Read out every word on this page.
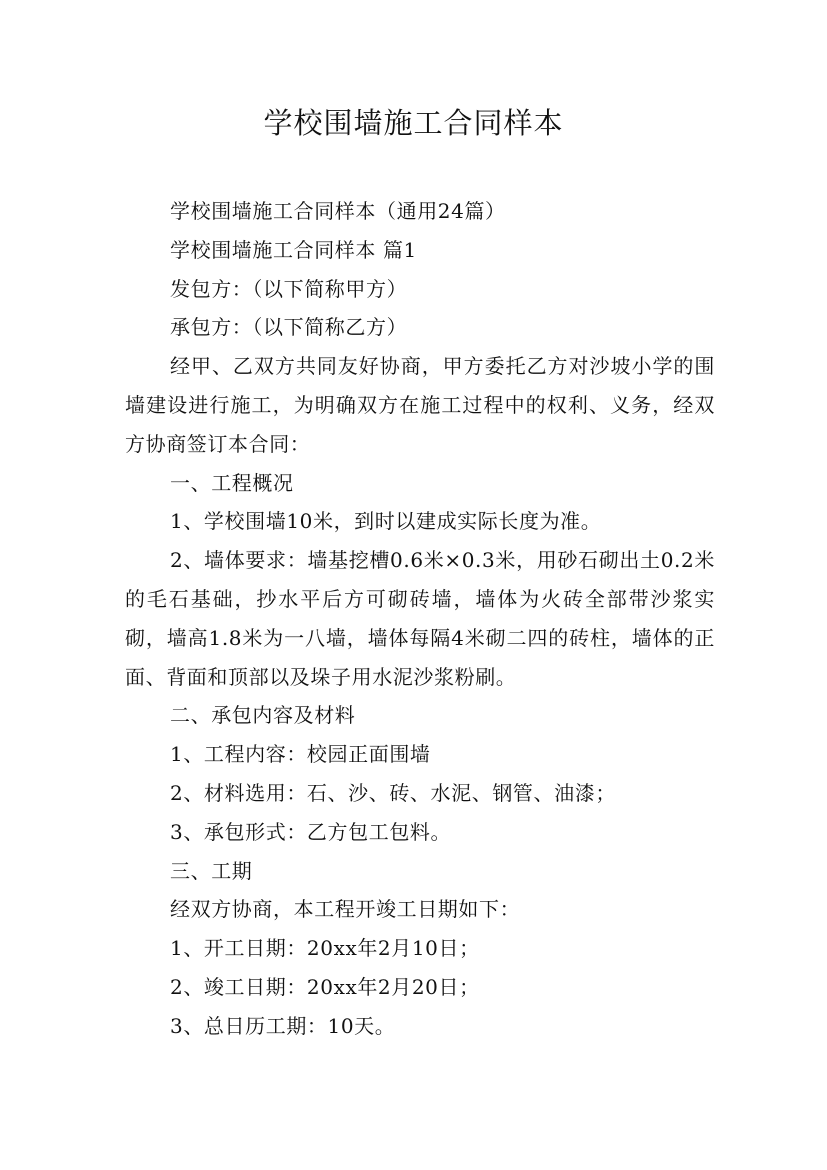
学校围墙施工合同样本

学校围墙施工合同样本（通用24篇）

学校围墙施工合同样本 篇1

发包方：（以下简称甲方）

承包方：（以下简称乙方）

经甲、乙双方共同友好协商，甲方委托乙方对沙坡小学的围墙建设进行施工，为明确双方在施工过程中的权利、义务，经双方协商签订本合同：

一、工程概况

1、学校围墙10米，到时以建成实际长度为准。

2、墙体要求：墙基挖槽0.6米×0.3米，用砂石砌出土0.2米的毛石基础，抄水平后方可砌砖墙，墙体为火砖全部带沙浆实砌，墙高1.8米为一八墙，墙体每隔4米砌二四的砖柱，墙体的正面、背面和顶部以及垛子用水泥沙浆粉刷。

二、承包内容及材料

1、工程内容：校园正面围墙

2、材料选用：石、沙、砖、水泥、钢管、油漆；

3、承包形式：乙方包工包料。

三、工期

经双方协商，本工程开竣工日期如下：

1、开工日期：20xx年2月10日；

2、竣工日期：20xx年2月20日；

3、总日历工期：10天。
